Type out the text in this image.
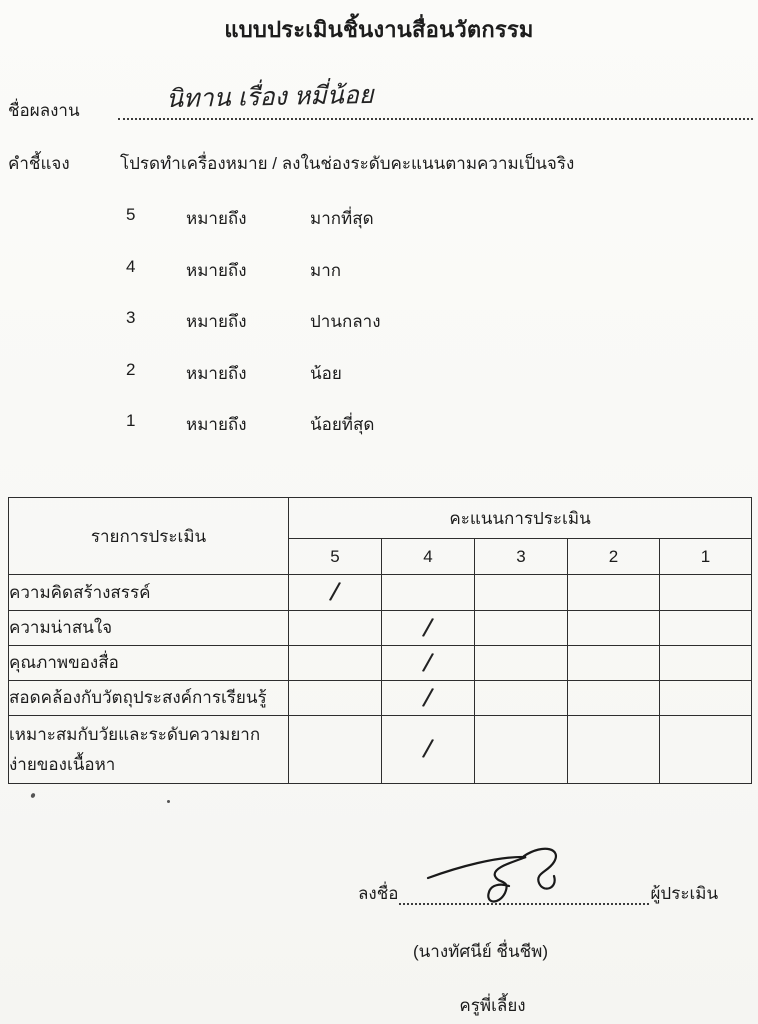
แบบประเมินชิ้นงานสื่อนวัตกรรม
ชื่อผลงาน	นิทาน เรื่อง หมี่น้อย
คำชี้แจง	โปรดทำเครื่องหมาย / ลงในช่องระดับคะแนนตามความเป็นจริง
5	หมายถึง	มากที่สุด
4	หมายถึง	มาก
3	หมายถึง	ปานกลาง
2	หมายถึง	น้อย
1	หมายถึง	น้อยที่สุด
รายการประเมิน	คะแนนการประเมิน				
	5	4	3	2	1
ความคิดสร้างสรรค์	/				
ความน่าสนใจ		/			
คุณภาพของสื่อ		/			
สอดคล้องกับวัตถุประสงค์การเรียนรู้		/			

เหมาะสมกับวัยและระดับความยาก
ง่ายของเนื้อหา		/			
ลงชื่อ	ผู้ประเมิน
(นางทัศนีย์ ชื่นชีพ)
ครูพี่เลี้ยง
